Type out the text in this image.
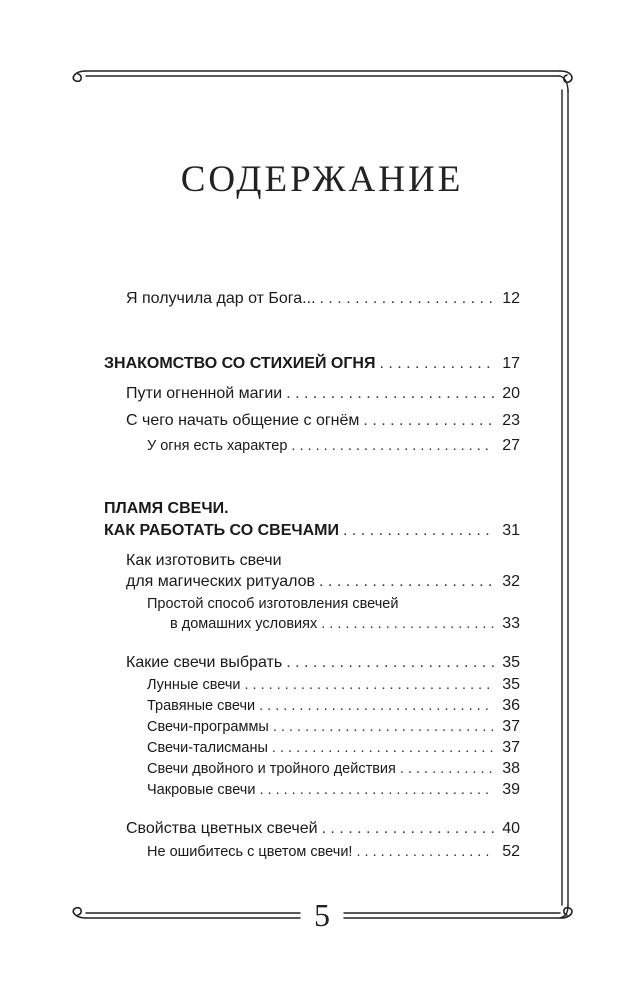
СОДЕРЖАНИЕ
Я получила дар от Бога... . . .	12
ЗНАКОМСТВО СО СТИХИЕЙ ОГНЯ . . .	17
Пути огненной магии . . .	20
С чего начать общение с огнём . . .	23
У огня есть характер . . .	27
ПЛАМЯ СВЕЧИ.
КАК РАБОТАТЬ СО СВЕЧАМИ . . .	31
Как изготовить свечи
для магических ритуалов . . .	32
Простой способ изготовления свечей
в домашних условиях . . .	33
Какие свечи выбрать . . .	35
Лунные свечи . . .	35
Травяные свечи . . .	36
Свечи-программы . . .	37
Свечи-талисманы . . .	37
Свечи двойного и тройного действия . . .	38
Чакровые свечи . . .	39
Свойства цветных свечей . . .	40
Не ошибитесь с цветом свечи! . . .	52
5
